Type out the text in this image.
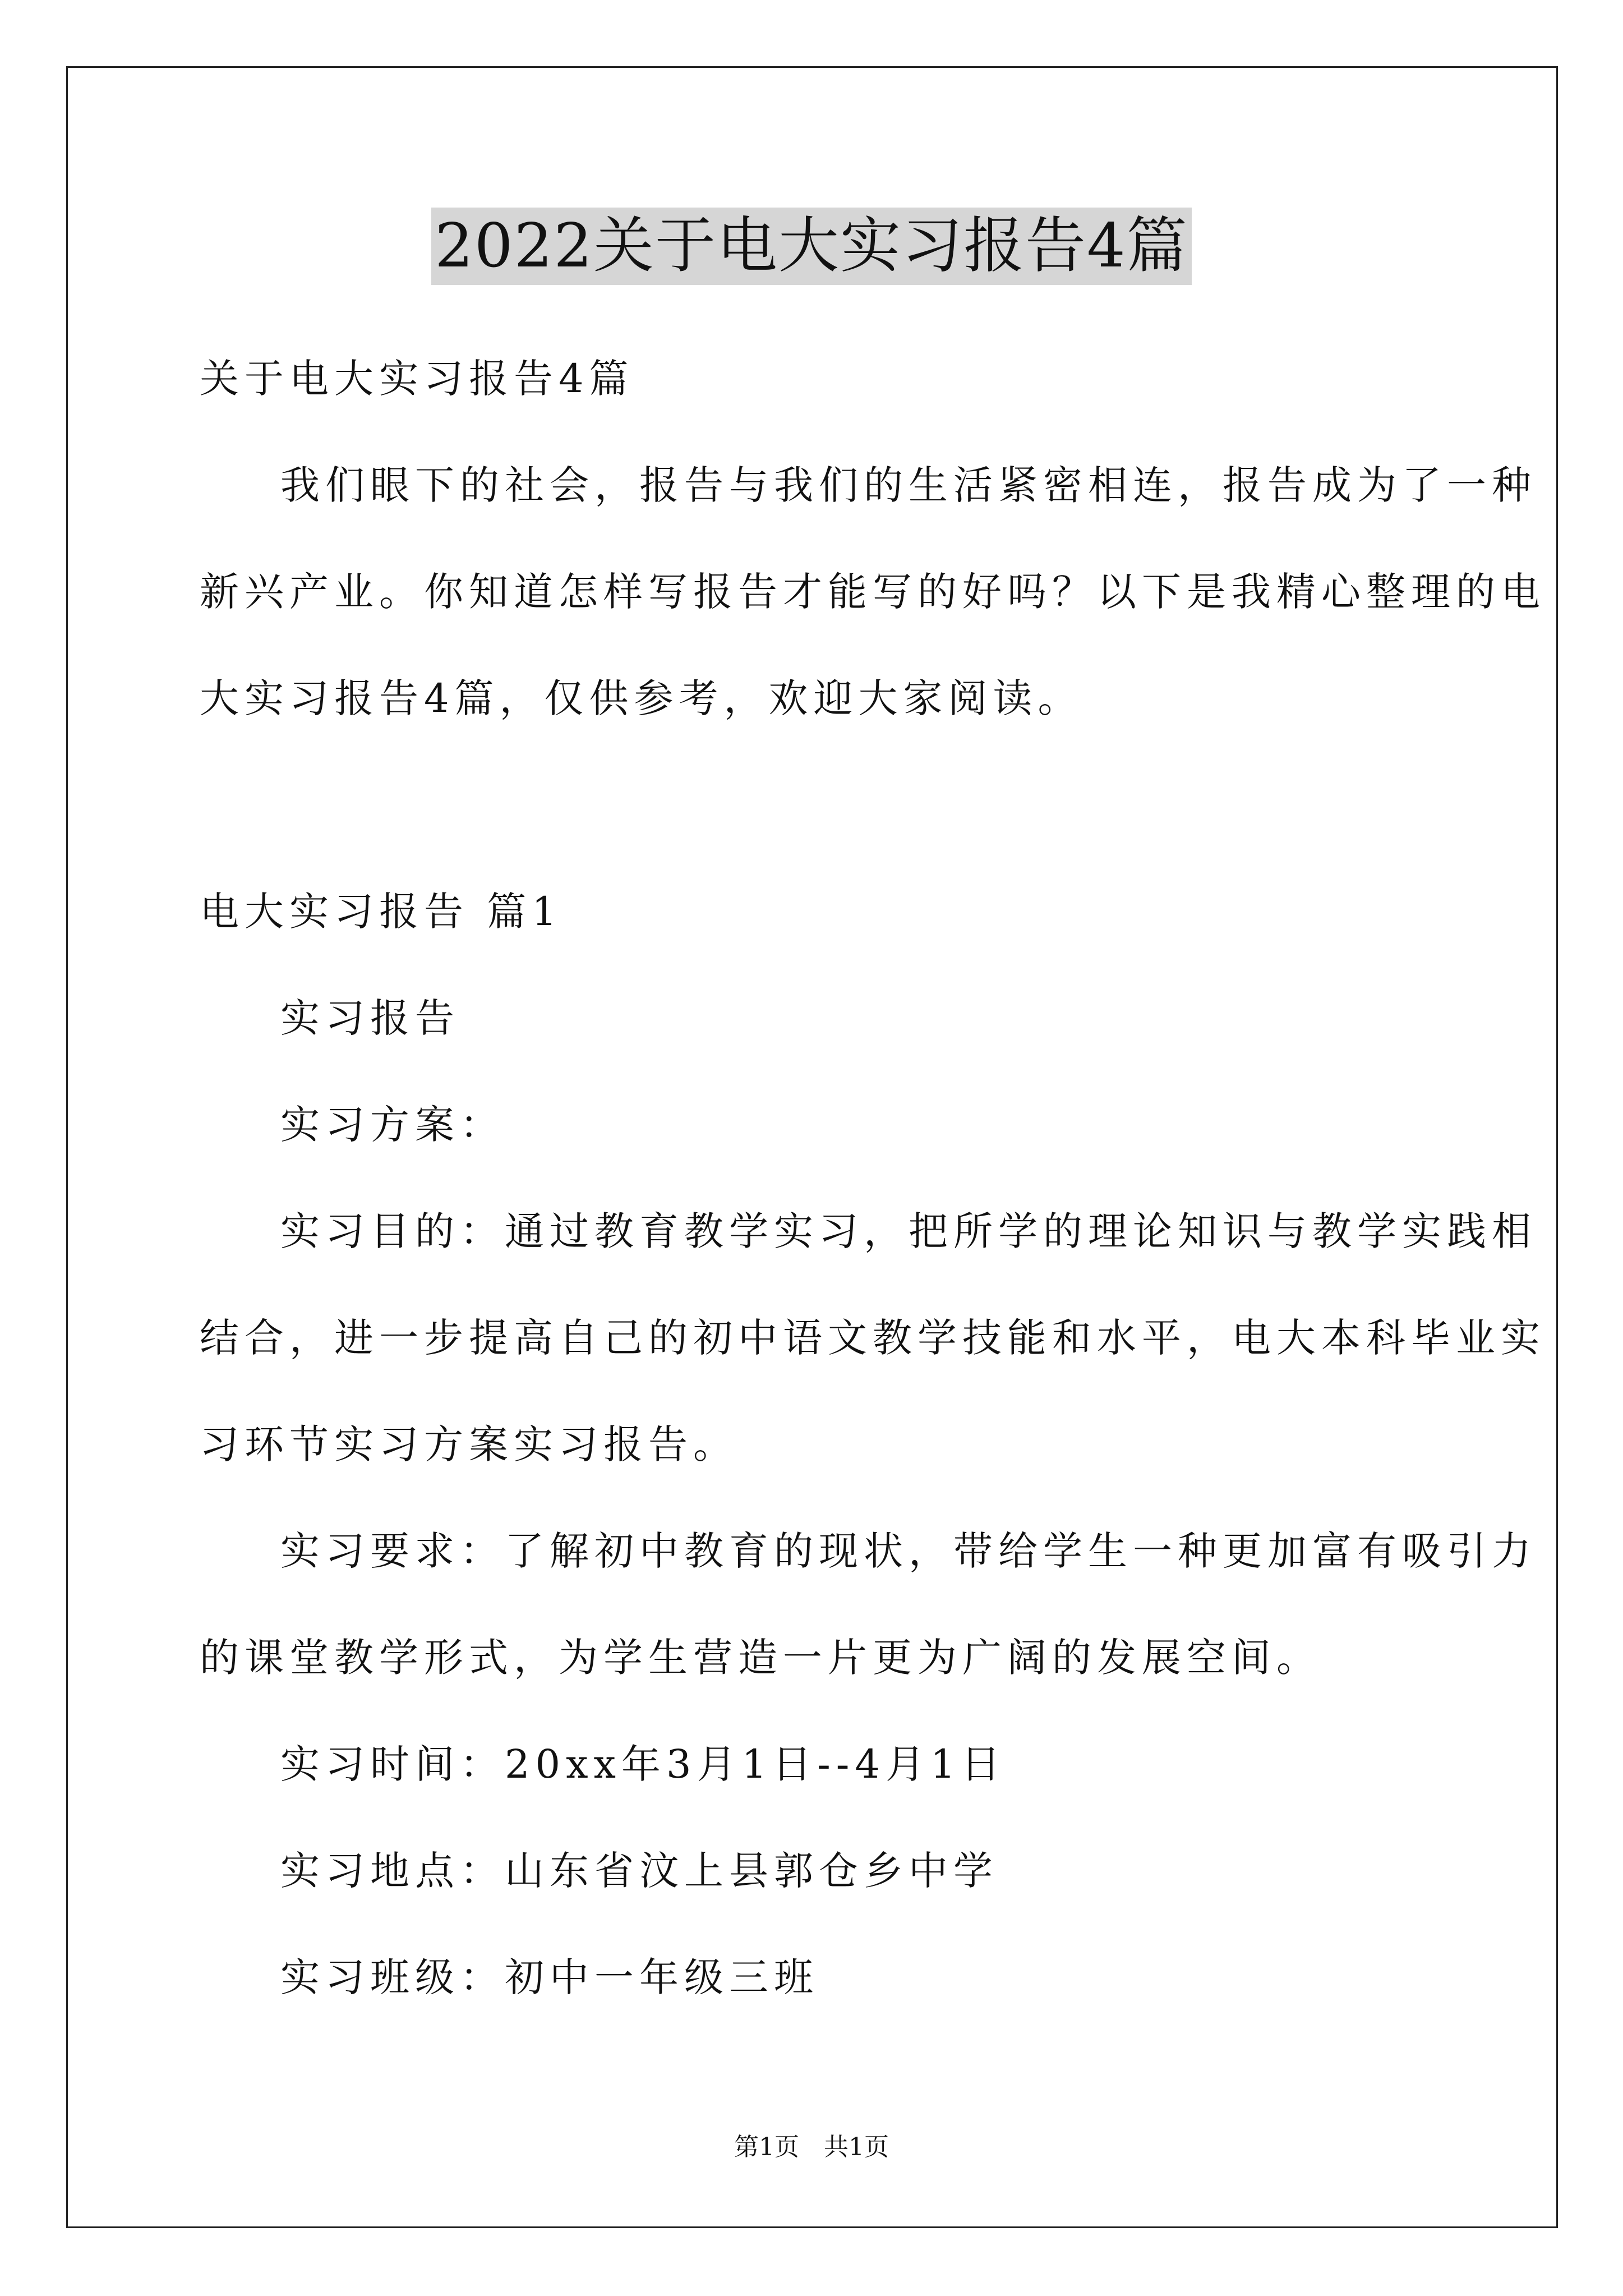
2022关于电大实习报告4篇
关于电大实习报告4篇
我们眼下的社会，报告与我们的生活紧密相连，报告成为了一种
新兴产业。你知道怎样写报告才能写的好吗？以下是我精心整理的电
大实习报告4篇，仅供参考，欢迎大家阅读。
电大实习报告 篇1
实习报告
实习方案：
实习目的：通过教育教学实习，把所学的理论知识与教学实践相
结合，进一步提高自己的初中语文教学技能和水平，电大本科毕业实
习环节实习方案实习报告。
实习要求：了解初中教育的现状，带给学生一种更加富有吸引力
的课堂教学形式，为学生营造一片更为广阔的发展空间。
实习时间：20xx年3月1日--4月1日
实习地点：山东省汶上县郭仓乡中学
实习班级：初中一年级三班
第1页　共1页
